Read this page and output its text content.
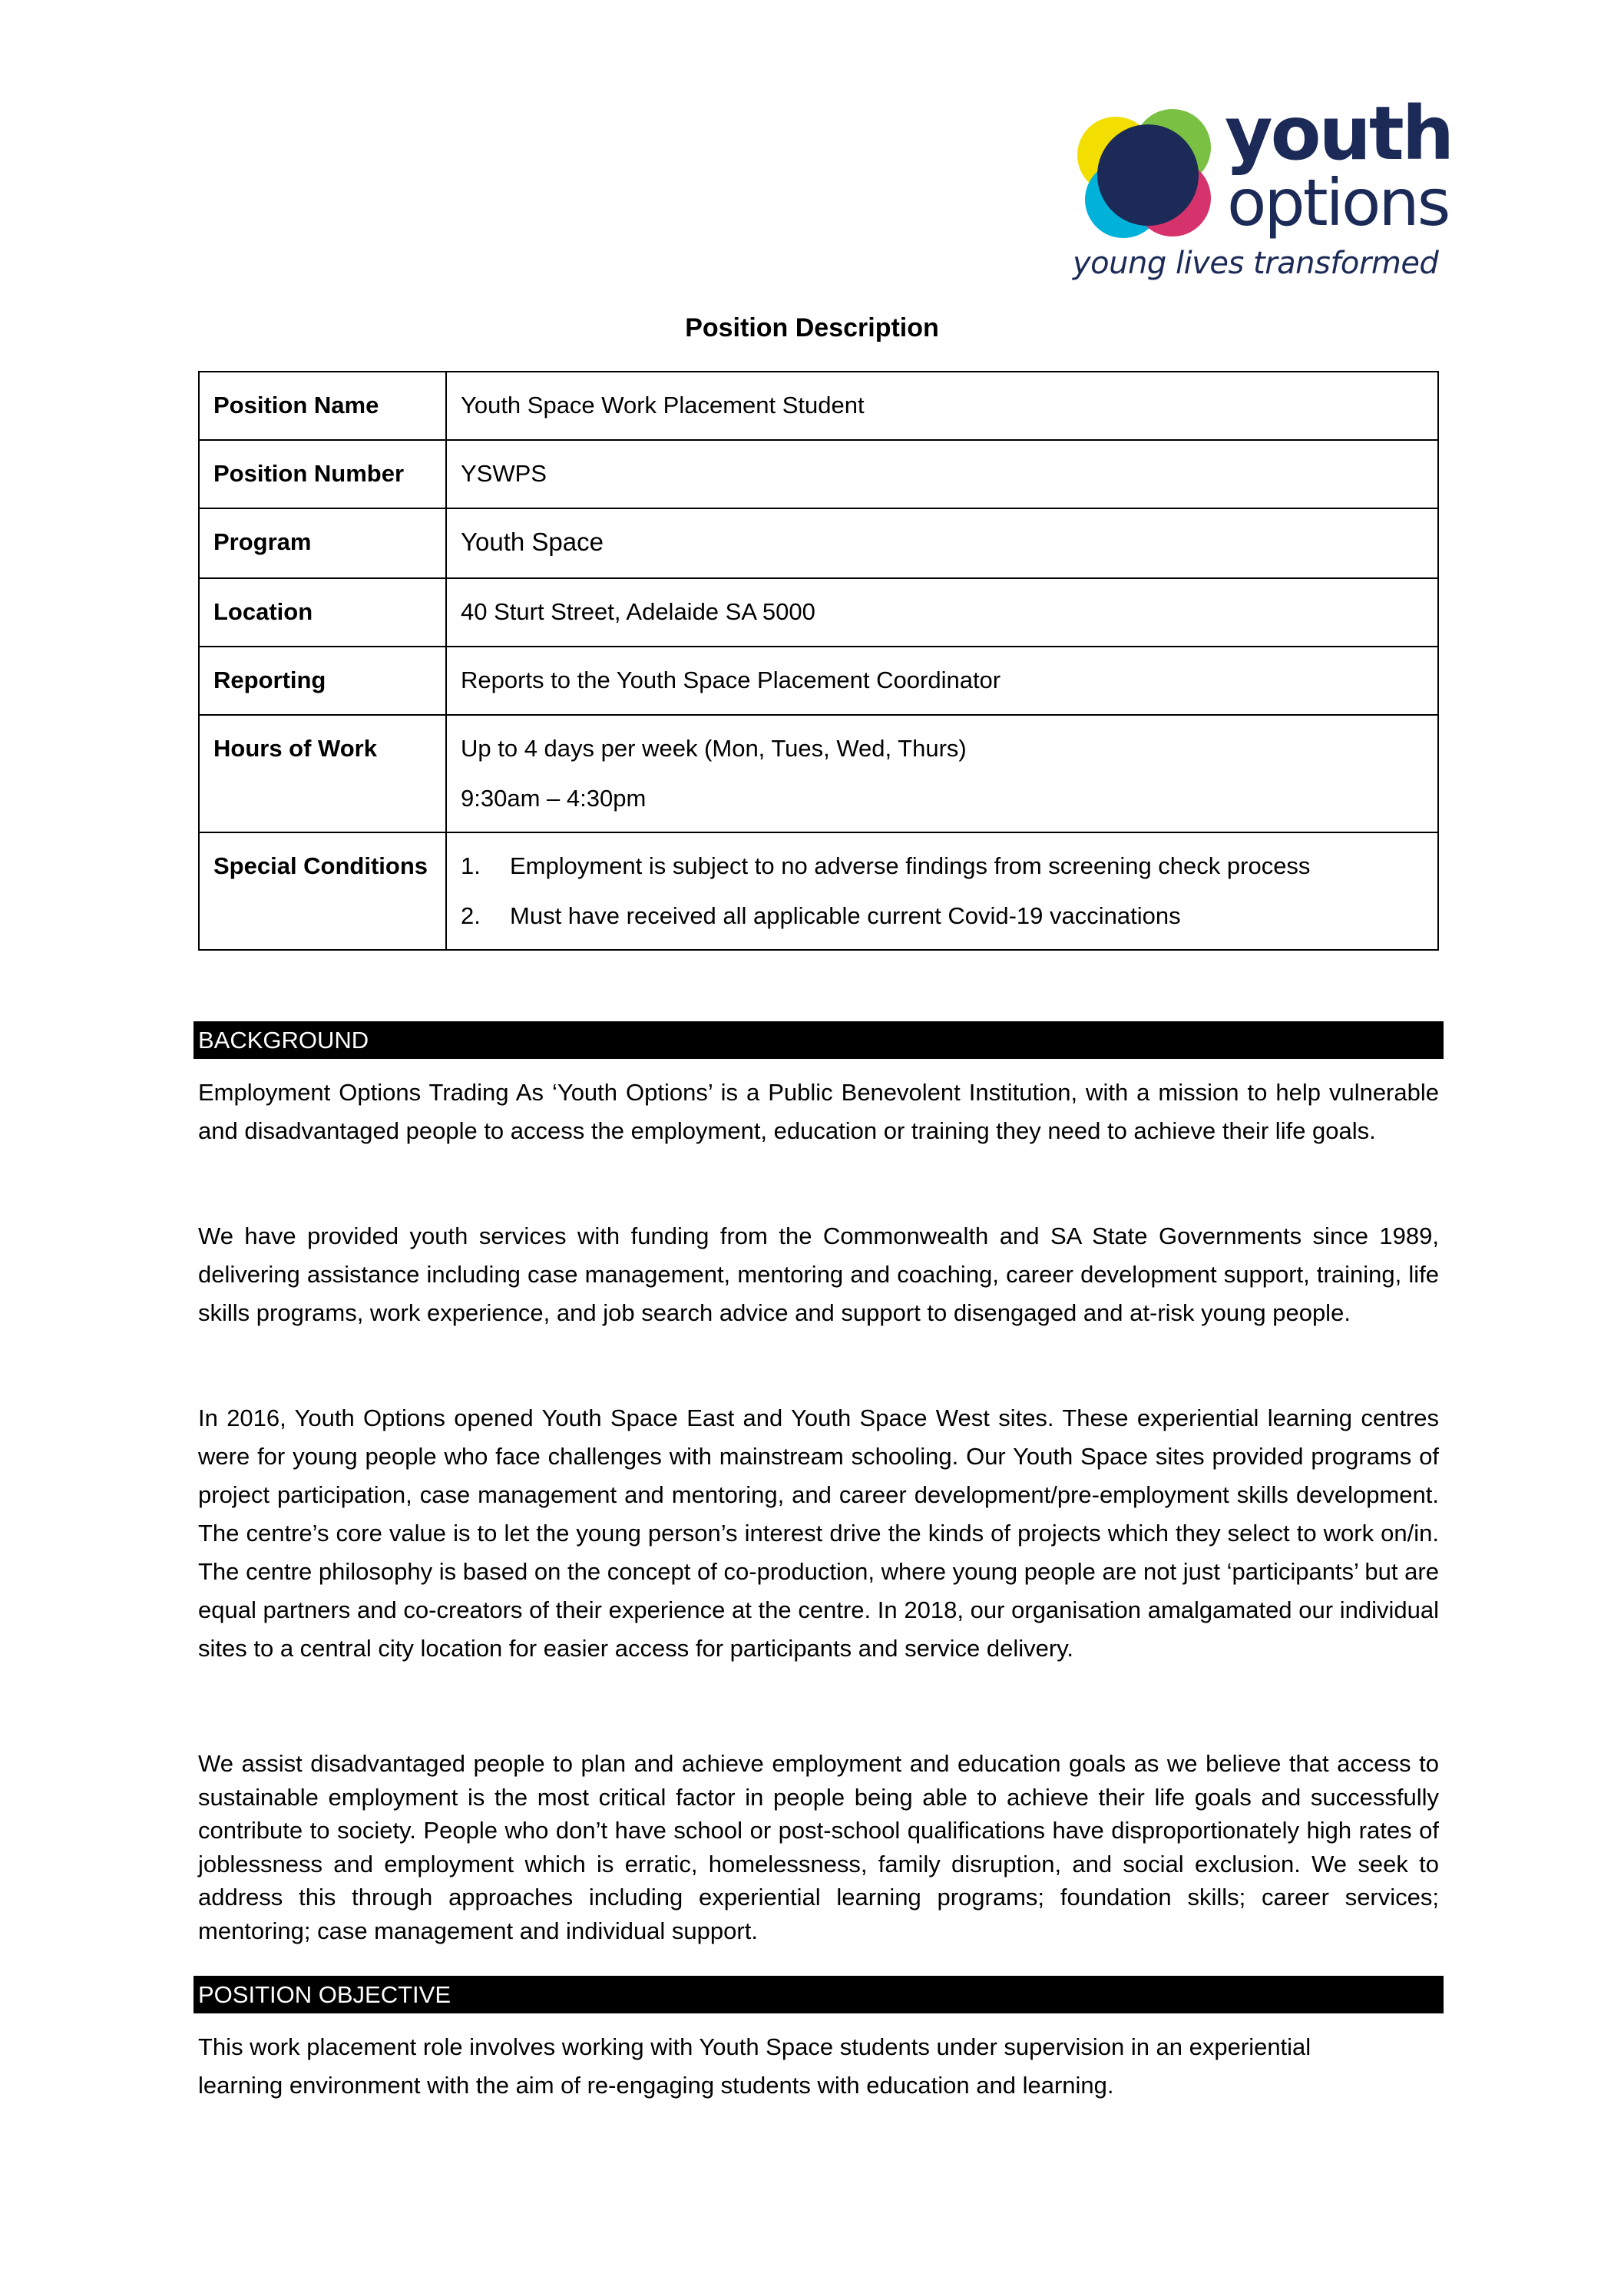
youth
options
young lives transformed
Position Description
Position Name	Youth Space Work Placement Student
Position Number	YSWPS
Program	Youth Space
Location	40 Sturt Street, Adelaide SA 5000
Reporting	Reports to the Youth Space Placement Coordinator
Hours of Work	Up to 4 days per week (Mon, Tues, Wed, Thurs)
9:30am – 4:30pm

Special Conditions	1. Employment is subject to no adverse findings from screening check process
2. Must have received all applicable current Covid-19 vaccinations
BACKGROUND
Employment Options Trading As ‘Youth Options’ is a Public Benevolent Institution, with a mission to help vulnerable and disadvantaged people to access the employment, education or training they need to achieve their life goals.
We have provided youth services with funding from the Commonwealth and SA State Governments since 1989, delivering assistance including case management, mentoring and coaching, career development support, training, life skills programs, work experience, and job search advice and support to disengaged and at-risk young people.
In 2016, Youth Options opened Youth Space East and Youth Space West sites. These experiential learning centres were for young people who face challenges with mainstream schooling. Our Youth Space sites provided programs of project participation, case management and mentoring, and career development/pre-employment skills development. The centre’s core value is to let the young person’s interest drive the kinds of projects which they select to work on/in. The centre philosophy is based on the concept of co-production, where young people are not just ‘participants’ but are equal partners and co-creators of their experience at the centre. In 2018, our organisation amalgamated our individual sites to a central city location for easier access for participants and service delivery.
We assist disadvantaged people to plan and achieve employment and education goals as we believe that access to sustainable employment is the most critical factor in people being able to achieve their life goals and successfully contribute to society. People who don’t have school or post-school qualifications have disproportionately high rates of joblessness and employment which is erratic, homelessness, family disruption, and social exclusion. We seek to address this through approaches including experiential learning programs; foundation skills; career services; mentoring; case management and individual support.
POSITION OBJECTIVE
This work placement role involves working with Youth Space students under supervision in an experiential learning environment with the aim of re-engaging students with education and learning.
